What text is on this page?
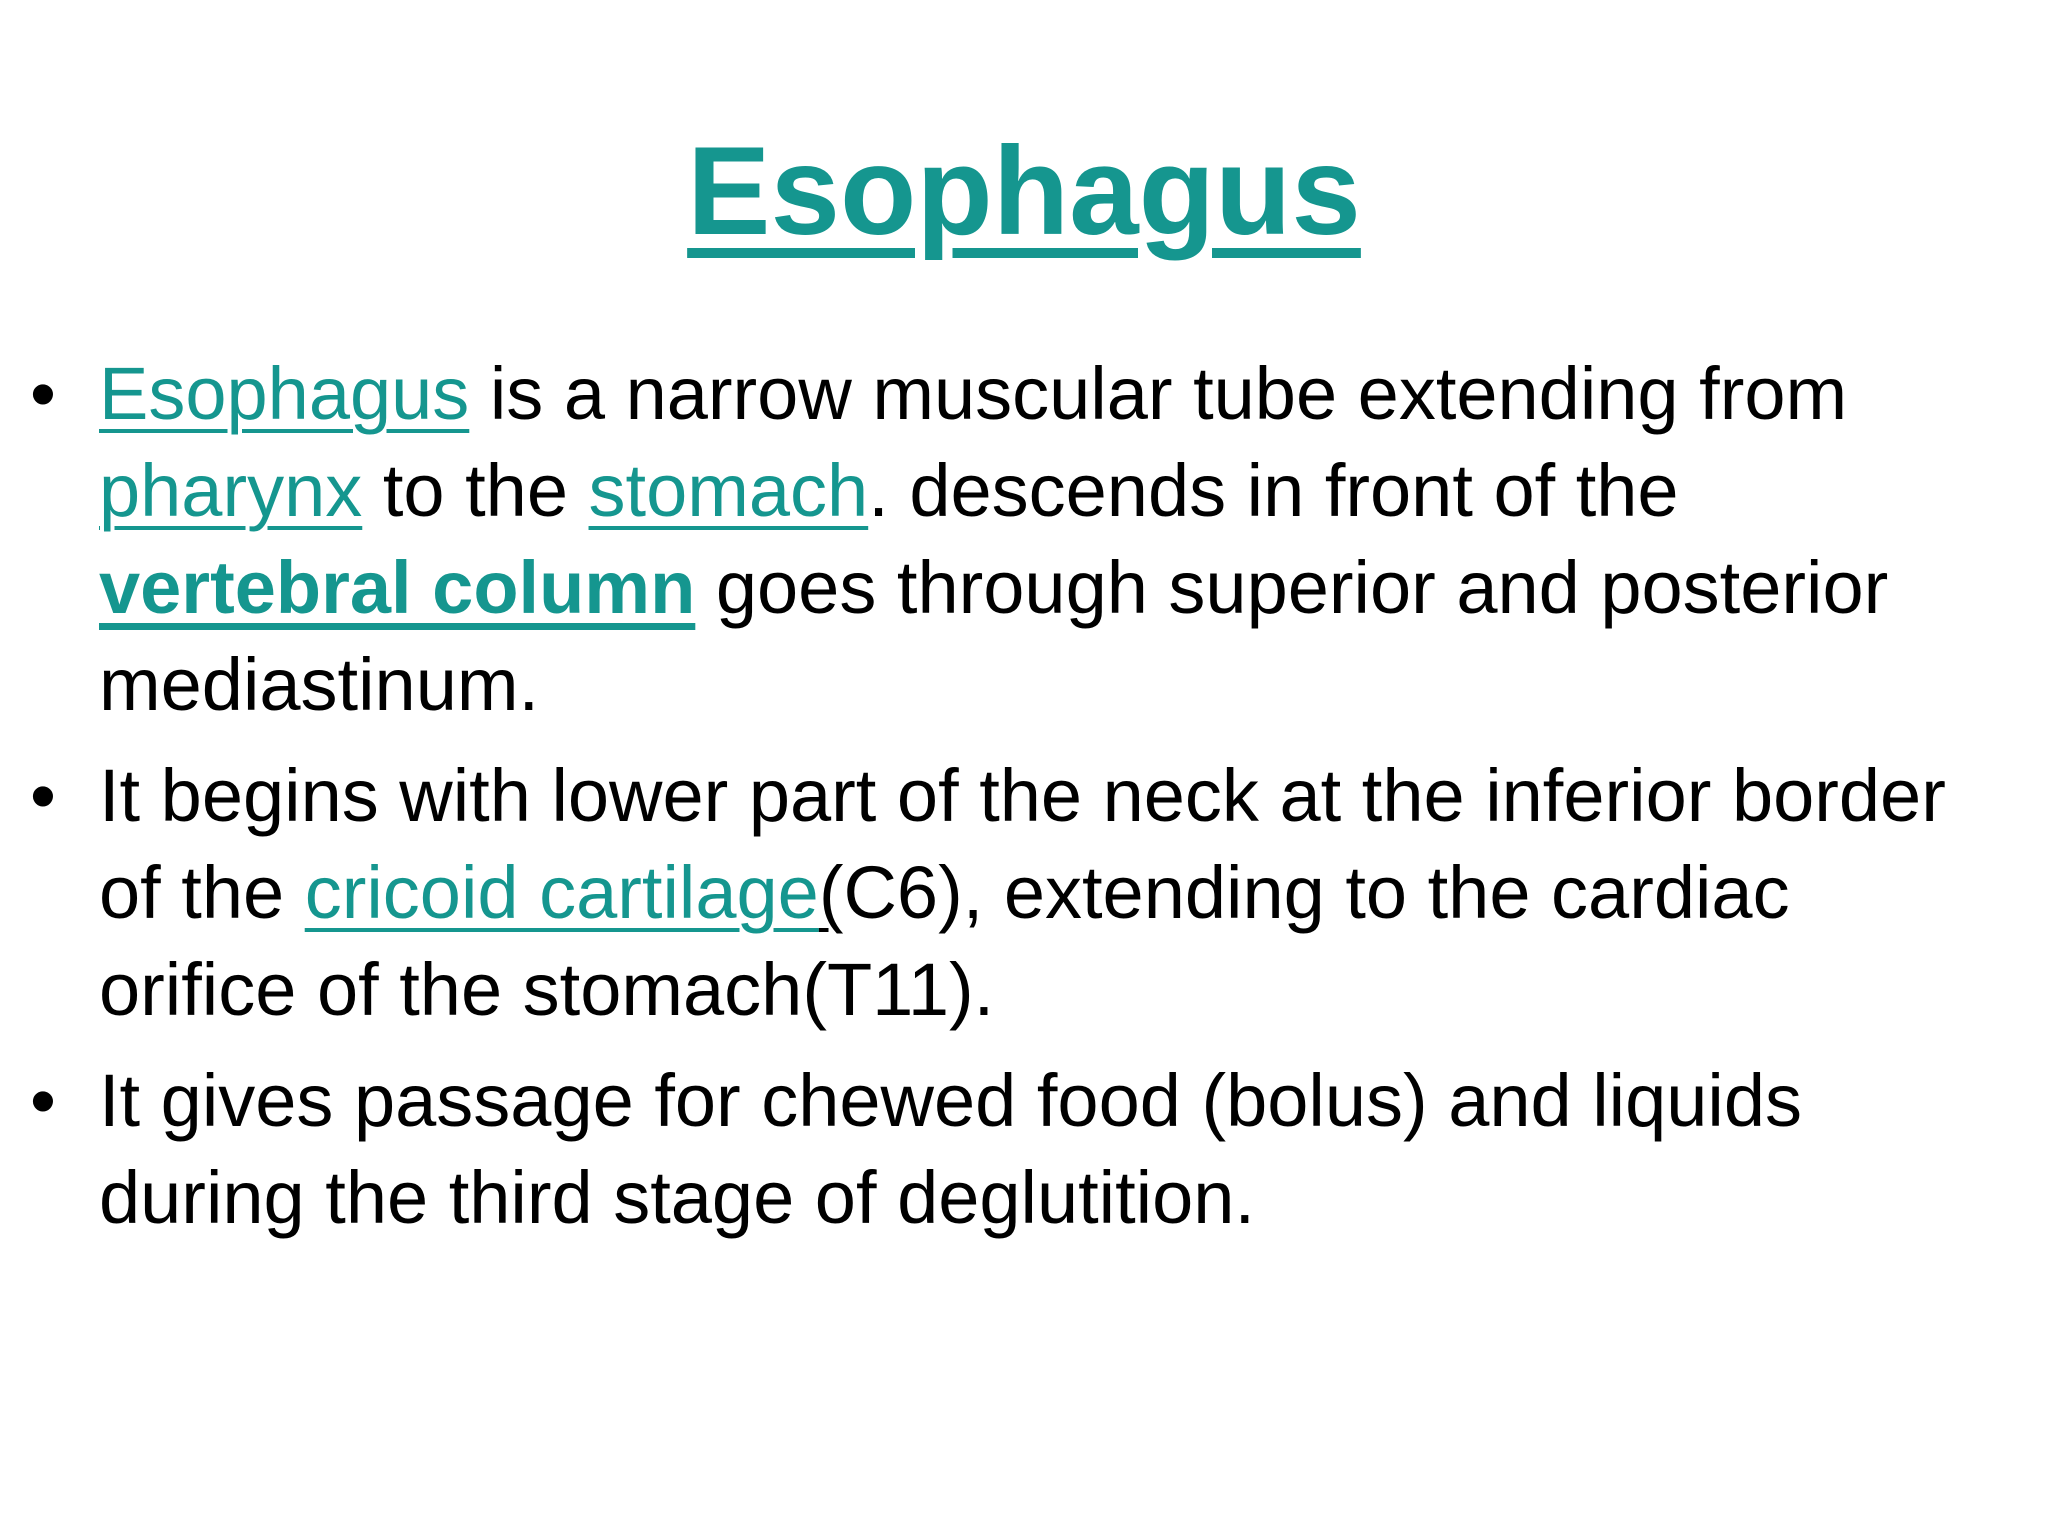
Esophagus
• Esophagus is a narrow muscular tube extending from pharynx to the stomach. descends in front of the vertebral column goes through superior and posterior mediastinum.
• It begins with lower part of the neck at the inferior border of the cricoid cartilage(C6), extending to the cardiac orifice of the stomach(T11).
• It gives passage for chewed food (bolus) and liquids during the third stage of deglutition.
